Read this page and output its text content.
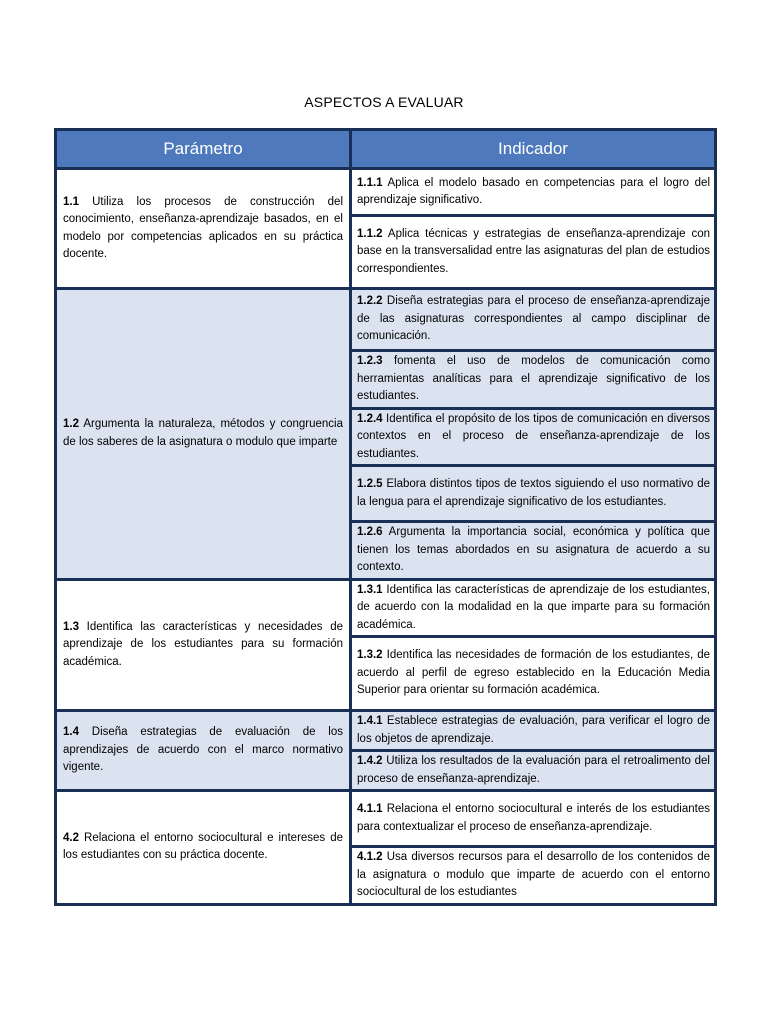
ASPECTOS A EVALUAR
Parámetro	Indicador
1.1 Utiliza los procesos de construcción del conocimiento, enseñanza-aprendizaje basados, en el modelo por competencias aplicados en su práctica docente.	1.1.1 Aplica el modelo basado en competencias para el logro del aprendizaje significativo.
	1.1.2 Aplica técnicas y estrategias de enseñanza-aprendizaje con base en la transversalidad entre las asignaturas del plan de estudios correspondientes.
1.2 Argumenta la naturaleza, métodos y congruencia de los saberes de la asignatura o modulo que imparte	1.2.2 Diseña estrategias para el proceso de enseñanza-aprendizaje de las asignaturas correspondientes al campo disciplinar de comunicación.
	1.2.3 fomenta el uso de modelos de comunicación como herramientas analíticas para el aprendizaje significativo de los estudiantes.
	1.2.4 Identifica el propósito de los tipos de comunicación en diversos contextos en el proceso de enseñanza-aprendizaje de los estudiantes.
	1.2.5 Elabora distintos tipos de textos siguiendo el uso normativo de la lengua para el aprendizaje significativo de los estudiantes.
	1.2.6 Argumenta la importancia social, económica y política que tienen los temas abordados en su asignatura de acuerdo a su contexto.
1.3 Identifica las características y necesidades de aprendizaje de los estudiantes para su formación académica.	1.3.1 Identifica las características de aprendizaje de los estudiantes, de acuerdo con la modalidad en la que imparte para su formación académica.
	1.3.2 Identifica las necesidades de formación de los estudiantes, de acuerdo al perfil de egreso establecido en la Educación Media Superior para orientar su formación académica.
1.4 Diseña estrategias de evaluación de los aprendizajes de acuerdo con el marco normativo vigente.	1.4.1 Establece estrategias de evaluación, para verificar el logro de los objetos de aprendizaje.
	1.4.2 Utiliza los resultados de la evaluación para el retroalimento del proceso de enseñanza-aprendizaje.
4.2 Relaciona el entorno sociocultural e intereses de los estudiantes con su práctica docente.	4.1.1 Relaciona el entorno sociocultural e interés de los estudiantes para contextualizar el proceso de enseñanza-aprendizaje.
	4.1.2 Usa diversos recursos para el desarrollo de los contenidos de la asignatura o modulo que imparte de acuerdo con el entorno sociocultural de los estudiantes
